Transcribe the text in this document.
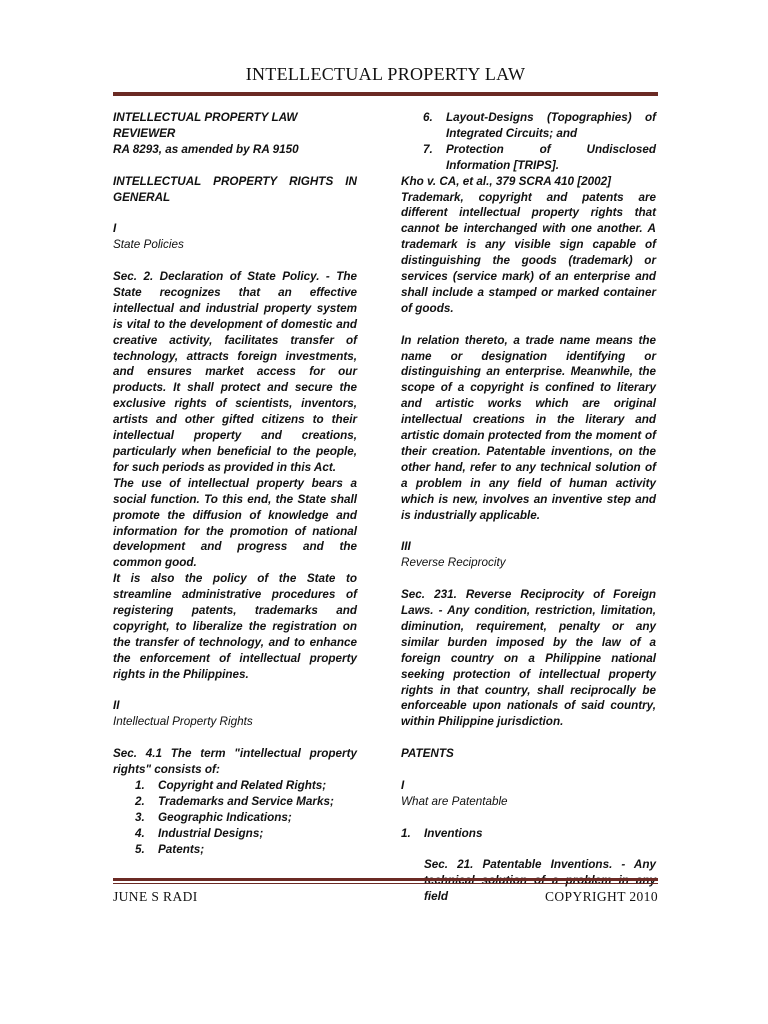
INTELLECTUAL PROPERTY LAW

INTELLECTUAL PROPERTY LAW REVIEWER

RA 8293, as amended by RA 9150

INTELLECTUAL PROPERTY RIGHTS IN GENERAL

I

State Policies

Sec. 2. Declaration of State Policy. - The State recognizes that an effective intellectual and industrial property system is vital to the development of domestic and creative activity, facilitates transfer of technology, attracts foreign investments, and ensures market access for our products. It shall protect and secure the exclusive rights of scientists, inventors, artists and other gifted citizens to their intellectual property and creations, particularly when beneficial to the people, for such periods as provided in this Act.

The use of intellectual property bears a social function. To this end, the State shall promote the diffusion of knowledge and information for the promotion of national development and progress and the common good.

It is also the policy of the State to streamline administrative procedures of registering patents, trademarks and copyright, to liberalize the registration on the transfer of technology, and to enhance the enforcement of intellectual property rights in the Philippines.

II

Intellectual Property Rights

Sec. 4.1 The term "intellectual property rights" consists of:

1.	Copyright and Related Rights;
2.	Trademarks and Service Marks;
3.	Geographic Indications;
4.	Industrial Designs;
5.	Patents;
6.	Layout-Designs (Topographies) of Integrated Circuits; and
7.	Protection of Undisclosed Information [TRIPS].

Kho v. CA, et al., 379 SCRA 410 [2002]

Trademark, copyright and patents are different intellectual property rights that cannot be interchanged with one another. A trademark is any visible sign capable of distinguishing the goods (trademark) or services (service mark) of an enterprise and shall include a stamped or marked container of goods.

In relation thereto, a trade name means the name or designation identifying or distinguishing an enterprise. Meanwhile, the scope of a copyright is confined to literary and artistic works which are original intellectual creations in the literary and artistic domain protected from the moment of their creation. Patentable inventions, on the other hand, refer to any technical solution of a problem in any field of human activity which is new, involves an inventive step and is industrially applicable.

III

Reverse Reciprocity

Sec. 231. Reverse Reciprocity of Foreign Laws. - Any condition, restriction, limitation, diminution, requirement, penalty or any similar burden imposed by the law of a foreign country on a Philippine national seeking protection of intellectual property rights in that country, shall reciprocally be enforceable upon nationals of said country, within Philippine jurisdiction.

PATENTS

I

What are Patentable

1.	Inventions

Sec. 21. Patentable Inventions. - Any field

JUNE S RADI	COPYRIGHT 2010
